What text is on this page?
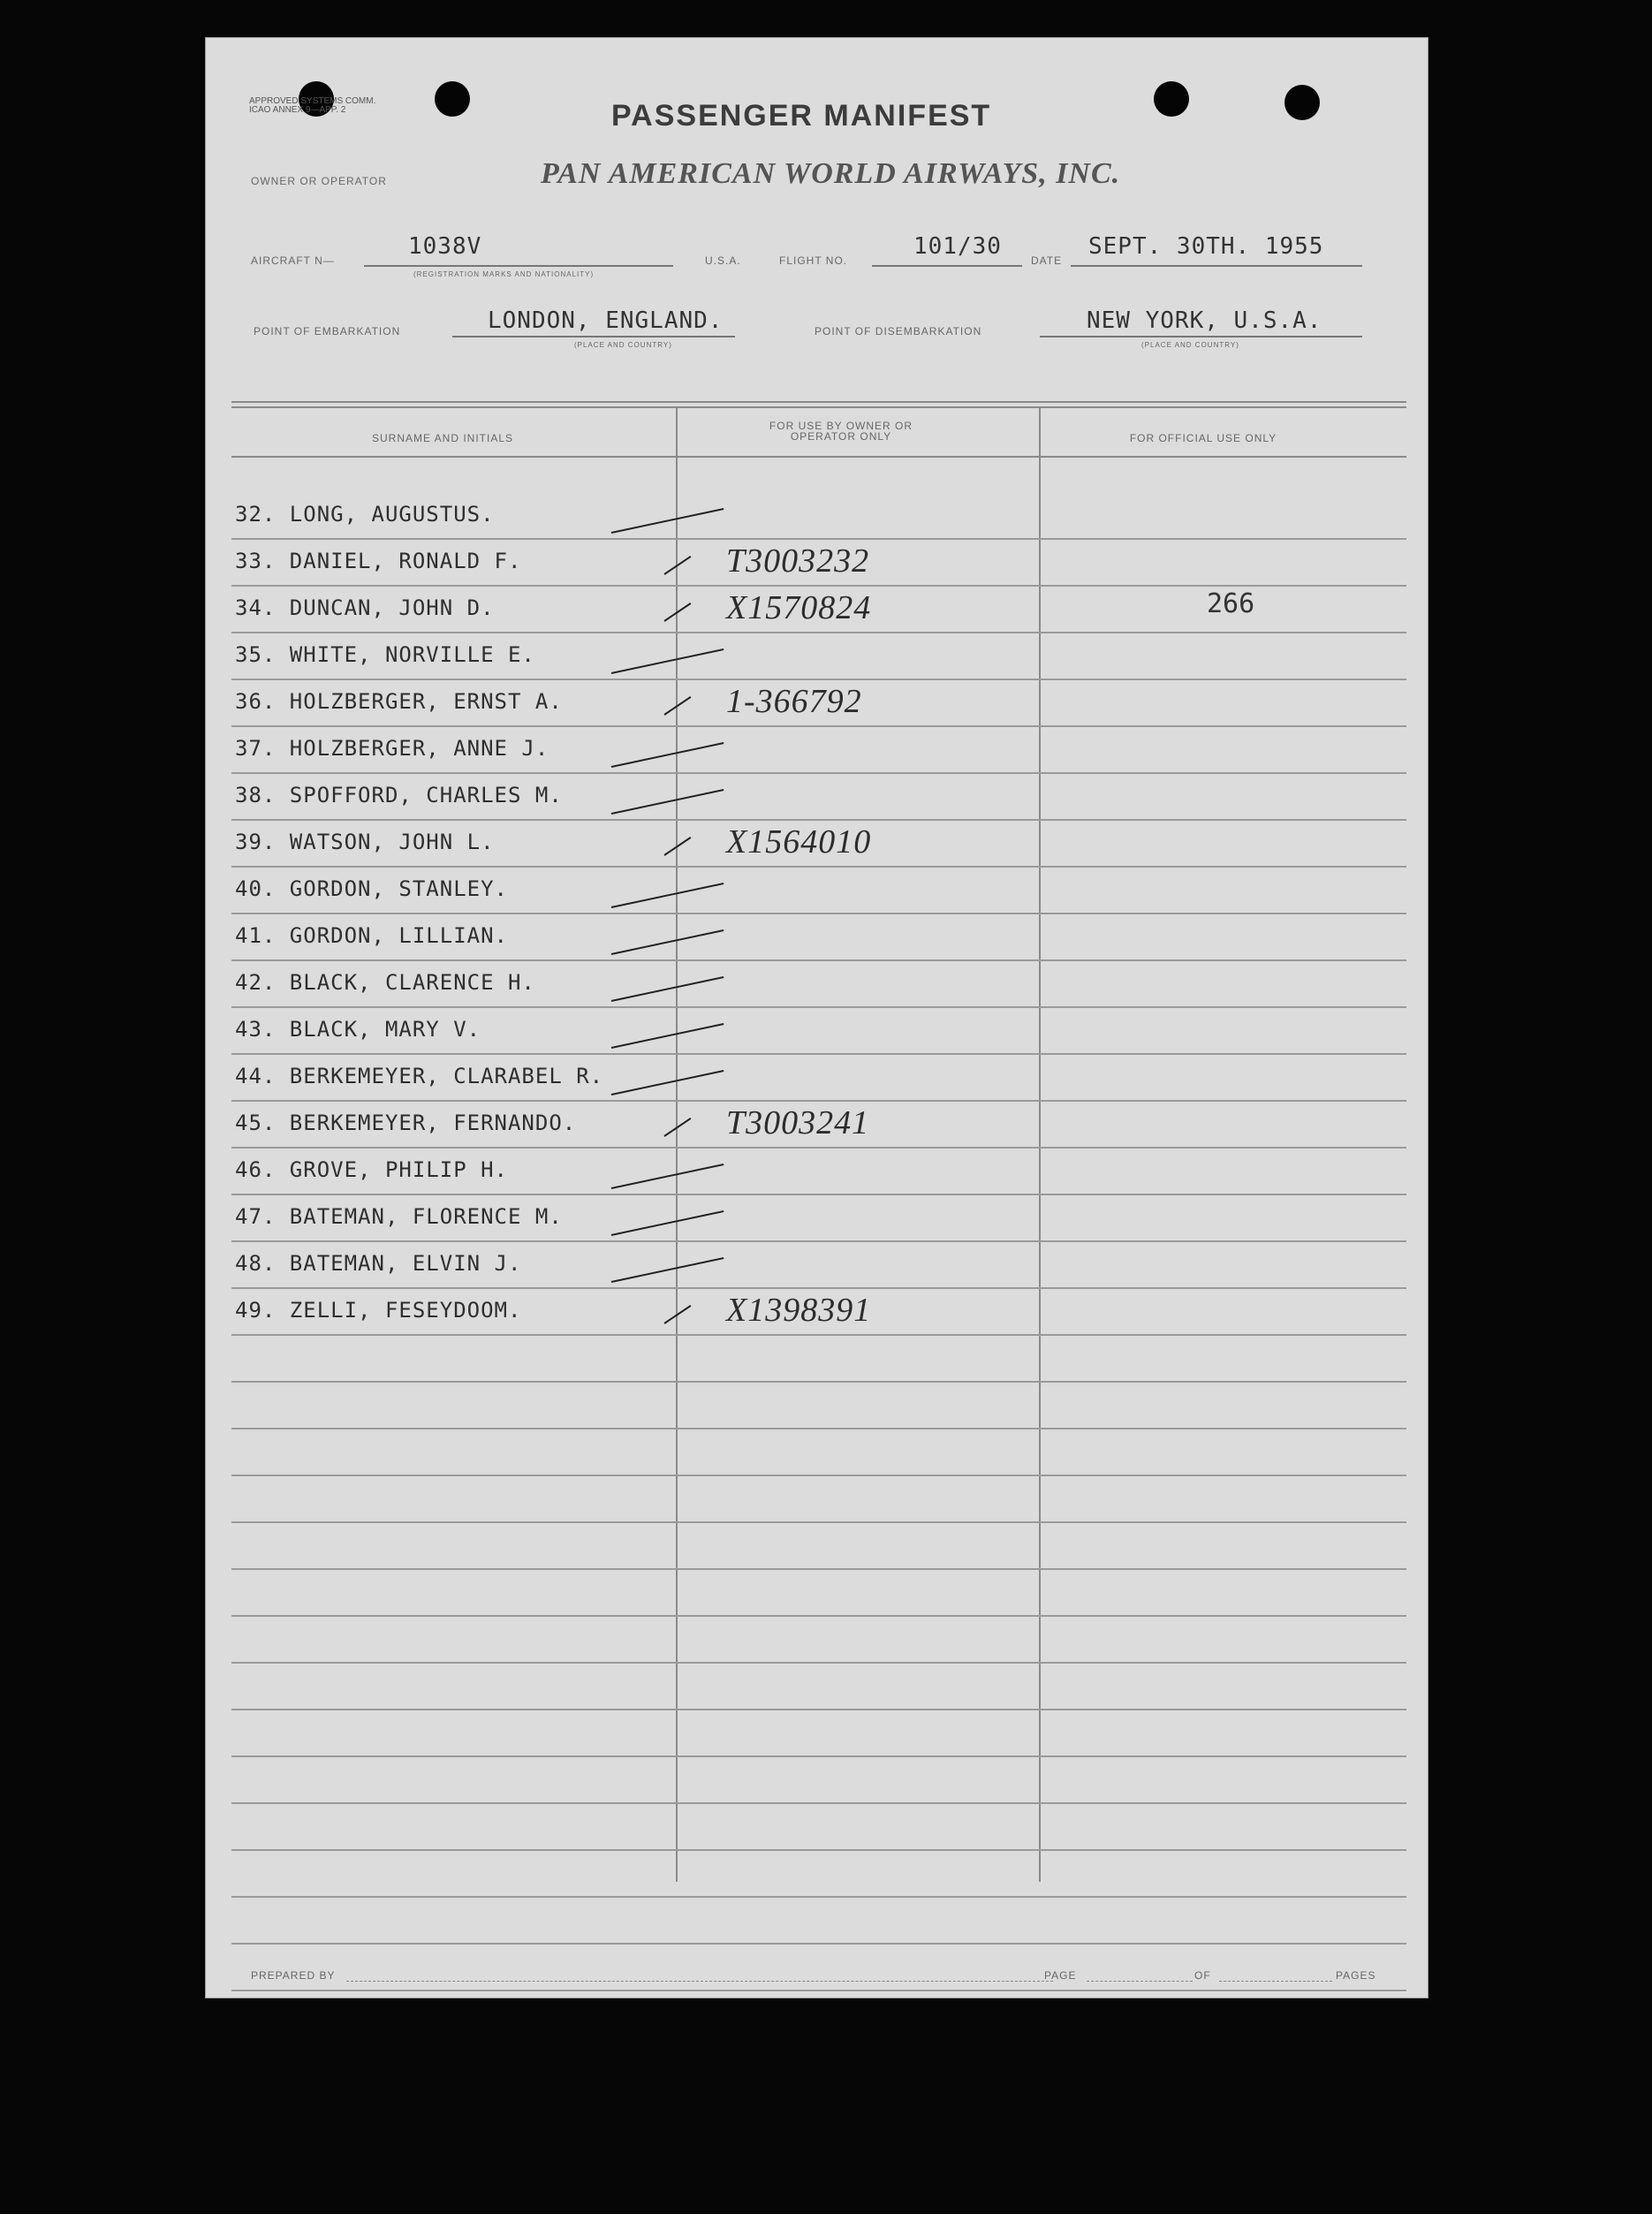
APPROVED SYSTEMS COMM. ICAO ANNEX 9—APP. 2	PASSENGER MANIFEST
OWNER OR OPERATOR	PAN AMERICAN WORLD AIRWAYS, INC.
AIRCRAFT N—
1038V
(REGISTRATION MARKS AND NATIONALITY)
U.S.A.	FLIGHT NO.
101/30
DATE
SEPT. 30TH. 1955
POINT OF EMBARKATION	LONDON, ENGLAND.
(PLACE AND COUNTRY)
POINT OF DISEMBARKATION	NEW YORK, U.S.A.
(PLACE AND COUNTRY)
SURNAME AND INITIALS
FOR USE BY OWNER OR OPERATOR ONLY	FOR OFFICIAL USE ONLY
32. LONG, AUGUSTUS.
33. DANIEL, RONALD F.	T3003232
34. DUNCAN, JOHN D.	X1570824	266
35. WHITE, NORVILLE E.
36. HOLZBERGER, ERNST A.	1-366792
37. HOLZBERGER, ANNE J.
38. SPOFFORD, CHARLES M.
39. WATSON, JOHN L.	X1564010
40. GORDON, STANLEY.
41. GORDON, LILLIAN.
42. BLACK, CLARENCE H.
43. BLACK, MARY V.
44. BERKEMEYER, CLARABEL R.
45. BERKEMEYER, FERNANDO.	T3003241
46. GROVE, PHILIP H.
47. BATEMAN, FLORENCE M.
48. BATEMAN, ELVIN J.
49. ZELLI, FESEYDOOM.	X1398391
PREPARED BY	PAGE	OF	PAGES
